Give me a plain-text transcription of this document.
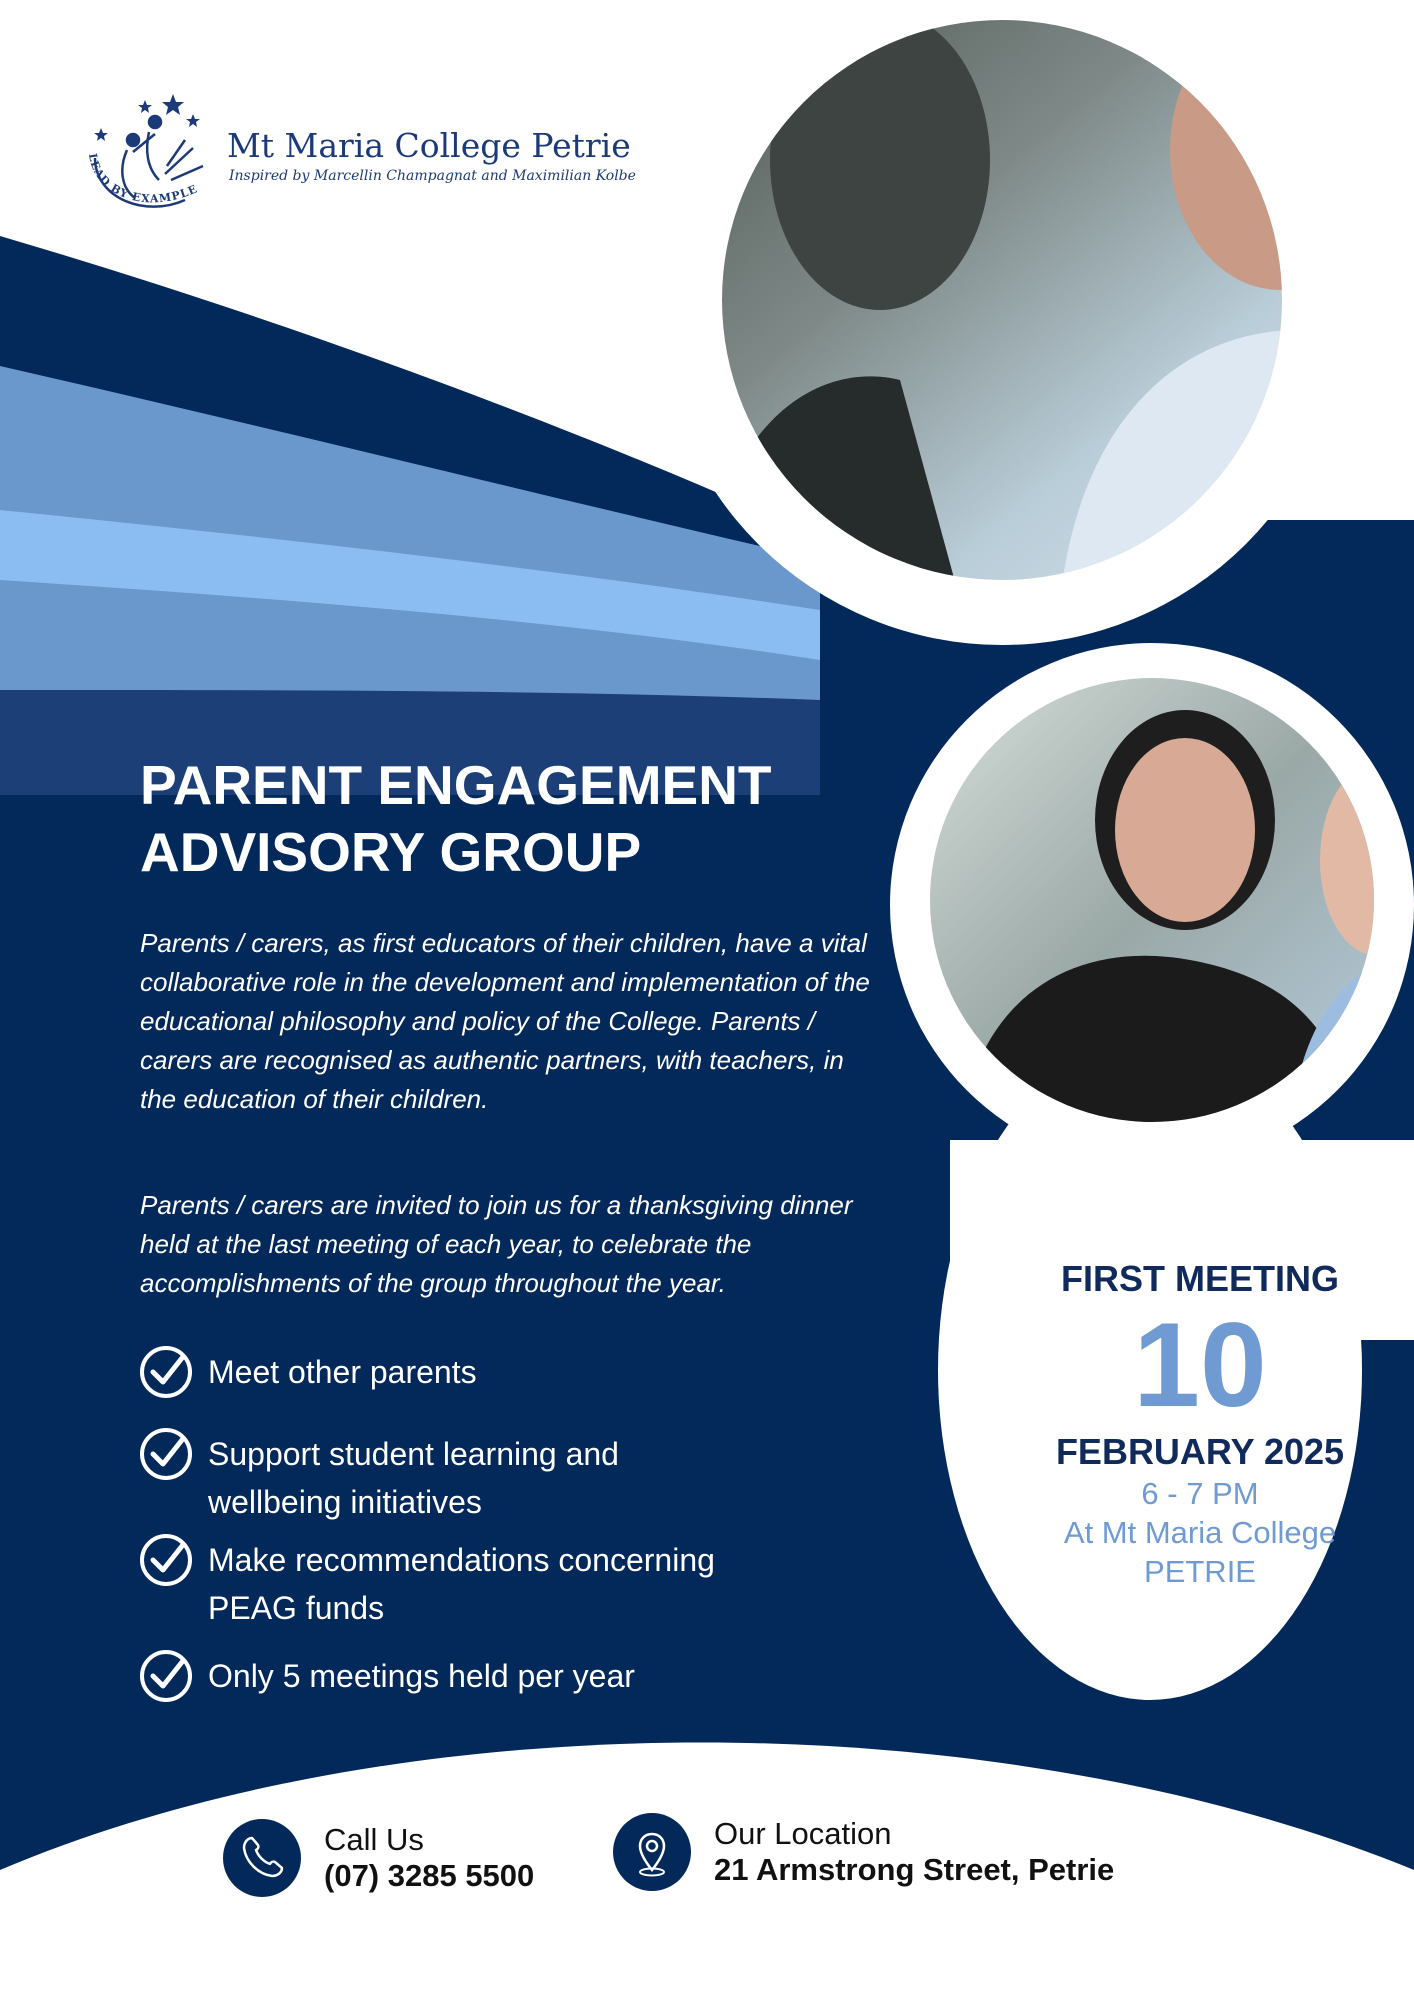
LEAD BY EXAMPLE
Mt Maria College Petrie
Inspired by Marcellin Champagnat and Maximilian Kolbe
PARENT ENGAGEMENT
ADVISORY GROUP

Parents / carers, as first educators of their children, have a vital collaborative role in the development and implementation of the educational philosophy and policy of the College. Parents / carers are recognised as authentic partners, with teachers, in the education of their children.

Parents / carers are invited to join us for a thanksgiving dinner held at the last meeting of each year, to celebrate the accomplishments of the group throughout the year.

Meet other parents
Support student learning and
wellbeing initiatives
Make recommendations concerning
PEAG funds
Only 5 meetings held per year
FIRST MEETING
10
FEBRUARY 2025
6 - 7 PM
At Mt Maria College
PETRIE
Call Us
(07) 3285 5500
Our Location
21 Armstrong Street, Petrie
